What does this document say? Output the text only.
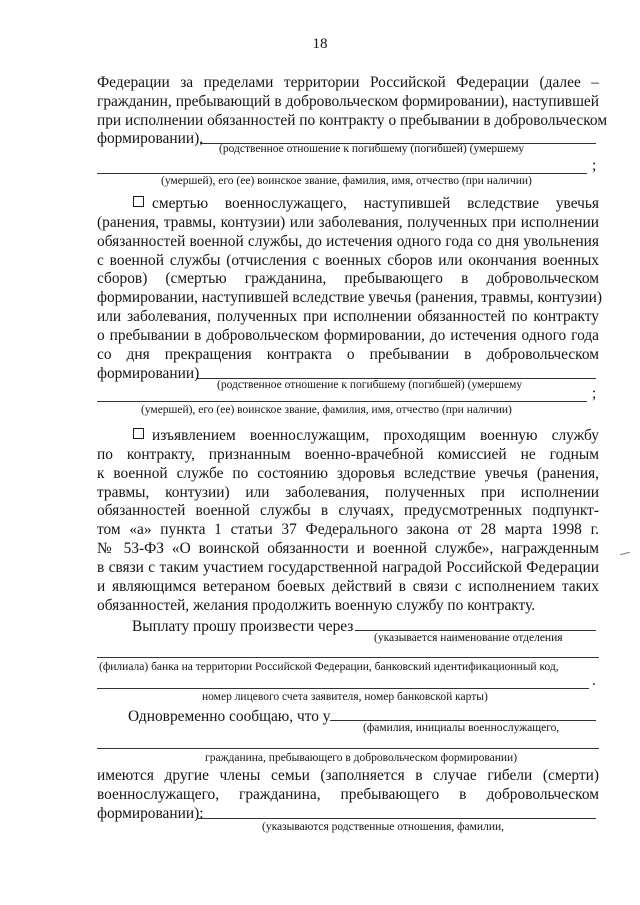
18
Федерации за пределами территории Российской Федерации (далее –
гражданин, пребывающий в добровольческом формировании), наступившей
при исполнении обязанностей по контракту о пребывании в добровольческом
формировании),
(родственное отношение к погибшему (погибшей) (умершему
;
(умершей), его (ее) воинское звание, фамилия, имя, отчество (при наличии)
смертью военнослужащего, наступившей вследствие увечья
(ранения, травмы, контузии) или заболевания, полученных при исполнении
обязанностей военной службы, до истечения одного года со дня увольнения
с военной службы (отчисления с военных сборов или окончания военных
сборов) (смертью гражданина, пребывающего в добровольческом
формировании, наступившей вследствие увечья (ранения, травмы, контузии)
или заболевания, полученных при исполнении обязанностей по контракту
о пребывании в добровольческом формировании, до истечения одного года
со дня прекращения контракта о пребывании в добровольческом
формировании)
(родственное отношение к погибшему (погибшей) (умершему	;
(умершей), его (ее) воинское звание, фамилия, имя, отчество (при наличии)
изъявлением военнослужащим, проходящим военную службу
по контракту, признанным военно-врачебной комиссией не годным
к военной службе по состоянию здоровья вследствие увечья (ранения,
травмы, контузии) или заболевания, полученных при исполнении
обязанностей военной службы в случаях, предусмотренных подпункт-
том «а» пункта 1 статьи 37 Федерального закона от 28 марта 1998 г.
№ 53-ФЗ «О воинской обязанности и военной службе», награжденным
в связи с таким участием государственной наградой Российской Федерации
и являющимся ветераном боевых действий в связи с исполнением таких
обязанностей, желания продолжить военную службу по контракту.
Выплату прошу произвести через
(указывается наименование отделения
(филиала) банка на территории Российской Федерации, банковский идентификационный код,
.
номер лицевого счета заявителя, номер банковской карты)
Одновременно сообщаю, что у
(фамилия, инициалы военнослужащего,
гражданина, пребывающего в добровольческом формировании)
имеются другие члены семьи (заполняется в случае гибели (смерти)
военнослужащего, гражданина, пребывающего в добровольческом
формировании):
(указываются родственные отношения, фамилии,
